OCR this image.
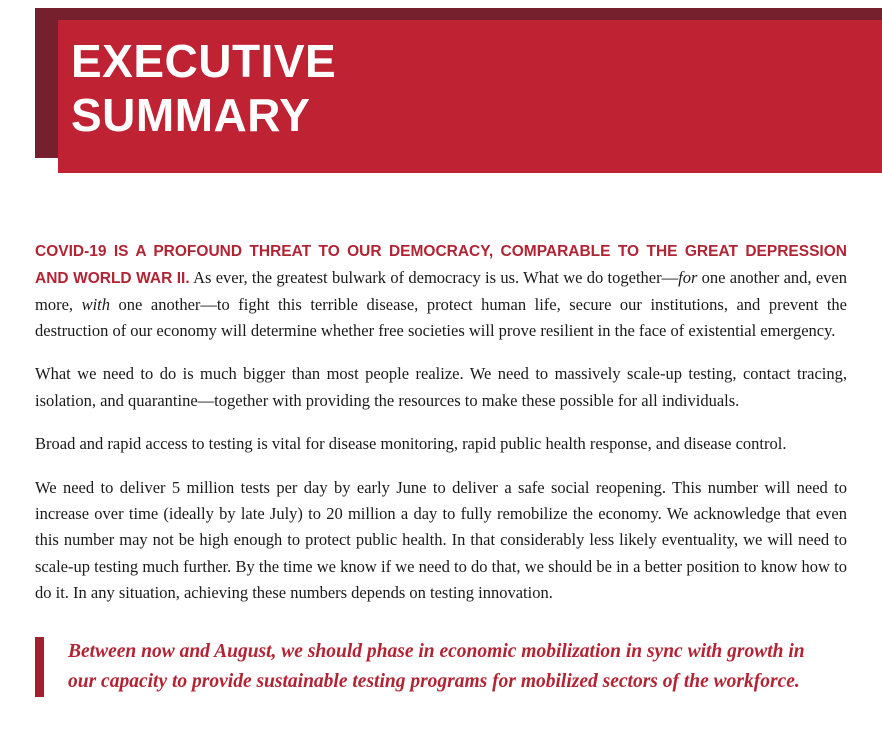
EXECUTIVE
SUMMARY

COVID-19 IS A PROFOUND THREAT TO OUR DEMOCRACY, COMPARABLE TO THE GREAT DEPRESSION AND WORLD WAR II. As ever, the greatest bulwark of democracy is us. What we do together—for one another and, even more, with one another—to fight this terrible disease, protect human life, secure our institutions, and prevent the destruction of our economy will determine whether free societies will prove resilient in the face of existential emergency.

What we need to do is much bigger than most people realize. We need to massively scale-up testing, contact tracing, isolation, and quarantine—together with providing the resources to make these possible for all individuals.

Broad and rapid access to testing is vital for disease monitoring, rapid public health response, and disease control.

We need to deliver 5 million tests per day by early June to deliver a safe social reopening. This number will need to increase over time (ideally by late July) to 20 million a day to fully remobilize the economy. We acknowledge that even this number may not be high enough to protect public health. In that considerably less likely eventuality, we will need to scale-up testing much further. By the time we know if we need to do that, we should be in a better position to know how to do it. In any situation, achieving these numbers depends on testing innovation.

Between now and August, we should phase in economic mobilization in sync with growth in our capacity to provide sustainable testing programs for mobilized sectors of the workforce.
